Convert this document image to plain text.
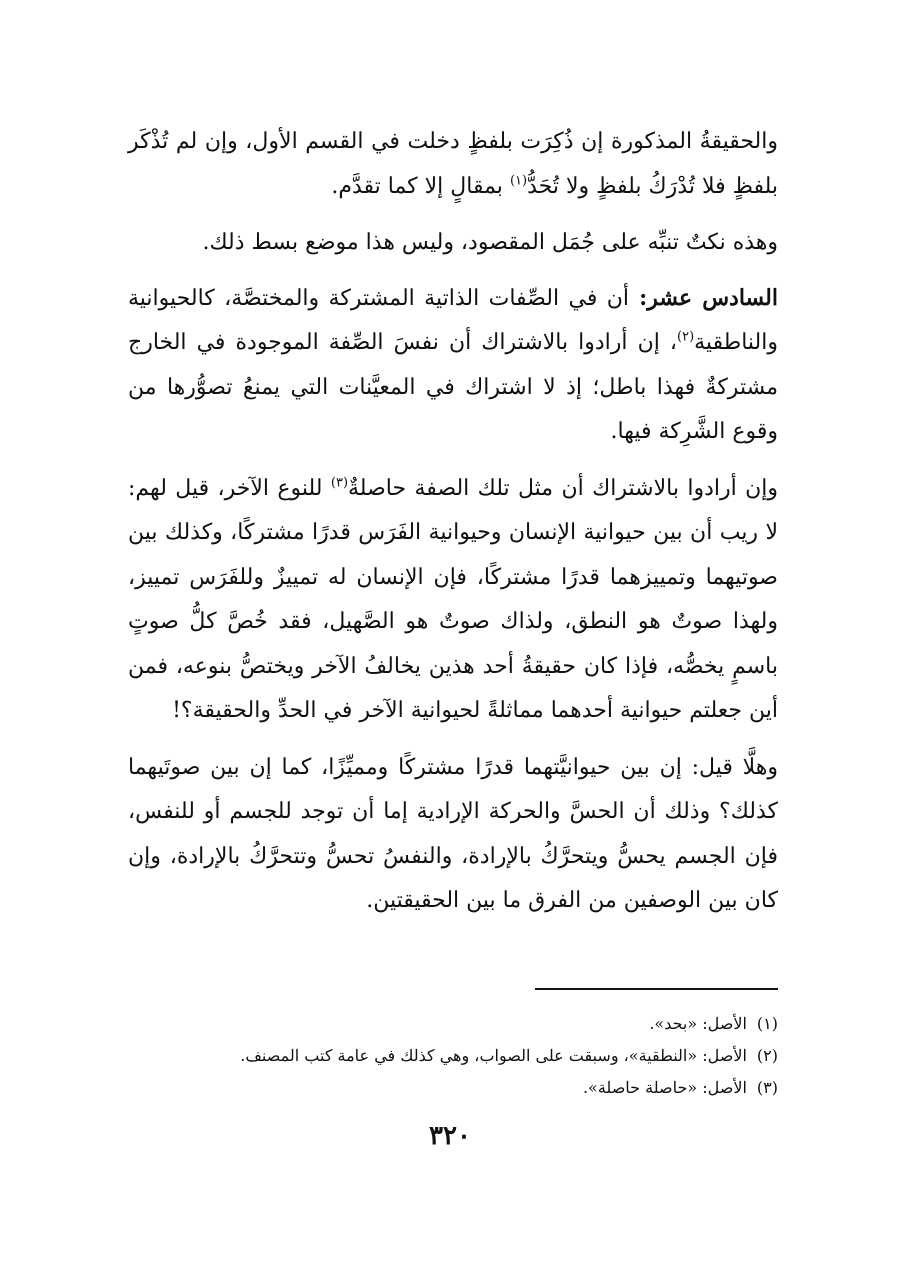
والحقيقةُ المذكورة إن ذُكِرَت بلفظٍ دخلت في القسم الأول، وإن لم تُذْكَر بلفظٍ فلا تُدْرَكُ بلفظٍ ولا تُحَدُّ$^{(١)}$ بمقالٍ إلا كما تقدَّم.

وهذه نكتٌ تنبِّه على جُمَل المقصود، وليس هذا موضع بسط ذلك.

السادس عشر: أن في الصِّفات الذاتية المشتركة والمختصَّة، كالحيوانية والناطقية$^{(٢)}$، إن أرادوا بالاشتراك أن نفسَ الصِّفة الموجودة في الخارج مشتركةٌ فهذا باطل؛ إذ لا اشتراك في المعيَّنات التي يمنعُ تصوُّرها من وقوع الشَّرِكة فيها.

وإن أرادوا بالاشتراك أن مثل تلك الصفة حاصلةٌ$^{(٣)}$ للنوع الآخر، قيل لهم: لا ريب أن بين حيوانية الإنسان وحيوانية الفَرَس قدرًا مشتركًا، وكذلك بين صوتيهما وتمييزهما قدرًا مشتركًا، فإن الإنسان له تمييزٌ وللفَرَس تمييز، ولهذا صوتٌ هو النطق، ولذاك صوتٌ هو الصَّهيل، فقد خُصَّ كلُّ صوتٍ باسمٍ يخصُّه، فإذا كان حقيقةُ أحد هذين يخالفُ الآخر ويختصُّ بنوعه، فمن أين جعلتم حيوانية أحدهما مماثلةً لحيوانية الآخر في الحدِّ والحقيقة؟!

وهلَّا قيل: إن بين حيوانيَّتهما قدرًا مشتركًا ومميِّزًا، كما إن بين صوتَيهما كذلك؟ وذلك أن الحسَّ والحركة الإرادية إما أن توجد للجسم أو للنفس، فإن الجسم يحسُّ ويتحرَّكُ بالإرادة، والنفسُ تحسُّ وتتحرَّكُ بالإرادة، وإن كان بين الوصفين من الفرق ما بين الحقيقتين.

(١)الأصل: «بحد».
(٢)الأصل: «النطقية»، وسبقت على الصواب، وهي كذلك في عامة كتب المصنف.
(٣)الأصل: «حاصلة حاصلة».
٣٢٠
